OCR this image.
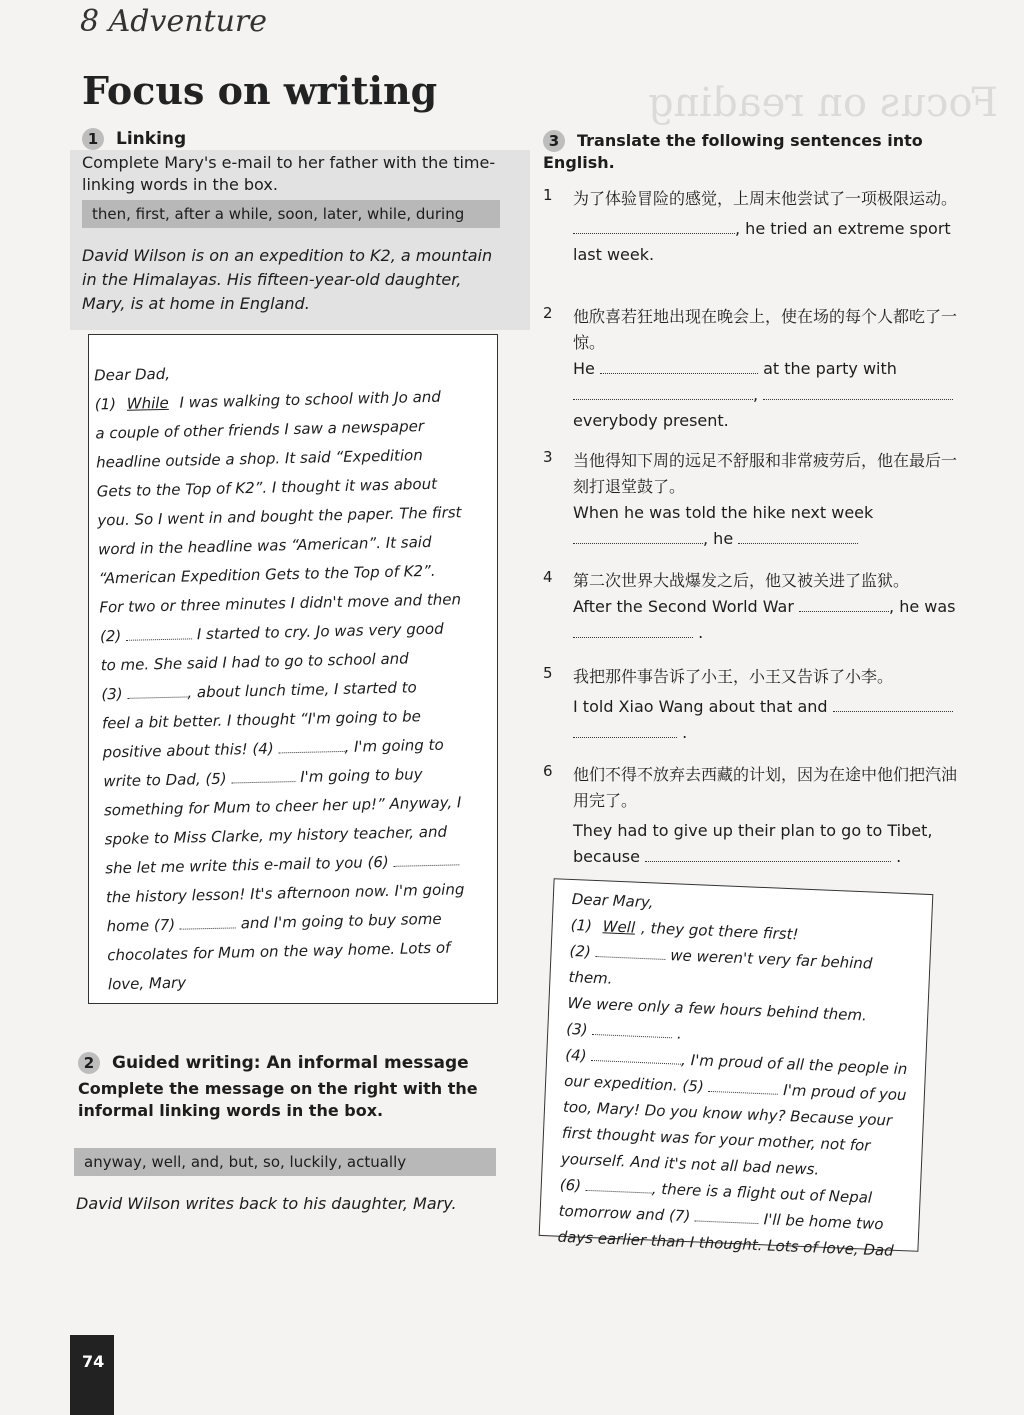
Focus on reading
8 Adventure
Focus on writing
1 Linking
Complete Mary's e-mail to her father with the time-linking words in the box.
then, first, after a while, soon, later, while, during
David Wilson is on an expedition to K2, a mountain in the Himalayas. His fifteen-year-old daughter, Mary, is at home in England.
Dear Dad,
(1) While I was walking to school with Jo and
a couple of other friends I saw a newspaper
headline outside a shop. It said “Expedition
Gets to the Top of K2”. I thought it was about
you. So I went in and bought the paper. The first
word in the headline was “American”. It said
“American Expedition Gets to the Top of K2”.
For two or three minutes I didn't move and then
(2)	I started to cry. Jo was very good
to me. She said I had to go to school and
(3)	, about lunch time, I started to
feel a bit better. I thought “I'm going to be
positive about this! (4)	, I'm going to
write to Dad, (5)	I'm going to buy
something for Mum to cheer her up!” Anyway, I
spoke to Miss Clarke, my history teacher, and
she let me write this e-mail to you (6)
the history lesson! It's afternoon now. I'm going
home (7)	and I'm going to buy some
chocolates for Mum on the way home. Lots of
love, Mary
2 Guided writing: An informal message
Complete the message on the right with the informal linking words in the box.
anyway, well, and, but, so, luckily, actually
David Wilson writes back to his daughter, Mary.
3 Translate the following sentences into English.
1 为了体验冒险的感觉，上周末他尝试了一项极限运动。
, he tried an extreme sport
last week.
2 他欣喜若狂地出现在晚会上，使在场的每个人都吃了一惊。
He	at the party with
,
everybody present.
3 当他得知下周的远足不舒服和非常疲劳后，他在最后一刻打退堂鼓了。
When he was told the hike next week
, he
4 第二次世界大战爆发之后，他又被关进了监狱。
After the Second World War	, he was
.
5 我把那件事告诉了小王，小王又告诉了小李。
I told Xiao Wang about that and
.
6 他们不得不放弃去西藏的计划，因为在途中他们把汽油用完了。
They had to give up their plan to go to Tibet,
because	.
Dear Mary,
(1) Well , they got there first!
(2)	we weren't very far behind them.
We were only a few hours behind them.
(3)	.
(4)	, I'm proud of all the people in
our expedition. (5)	I'm proud of you
too, Mary! Do you know why? Because your
first thought was for your mother, not for
yourself. And it's not all bad news.
(6)	, there is a flight out of Nepal
tomorrow and (7)	I'll be home two
days earlier than I thought. Lots of love, Dad
74
